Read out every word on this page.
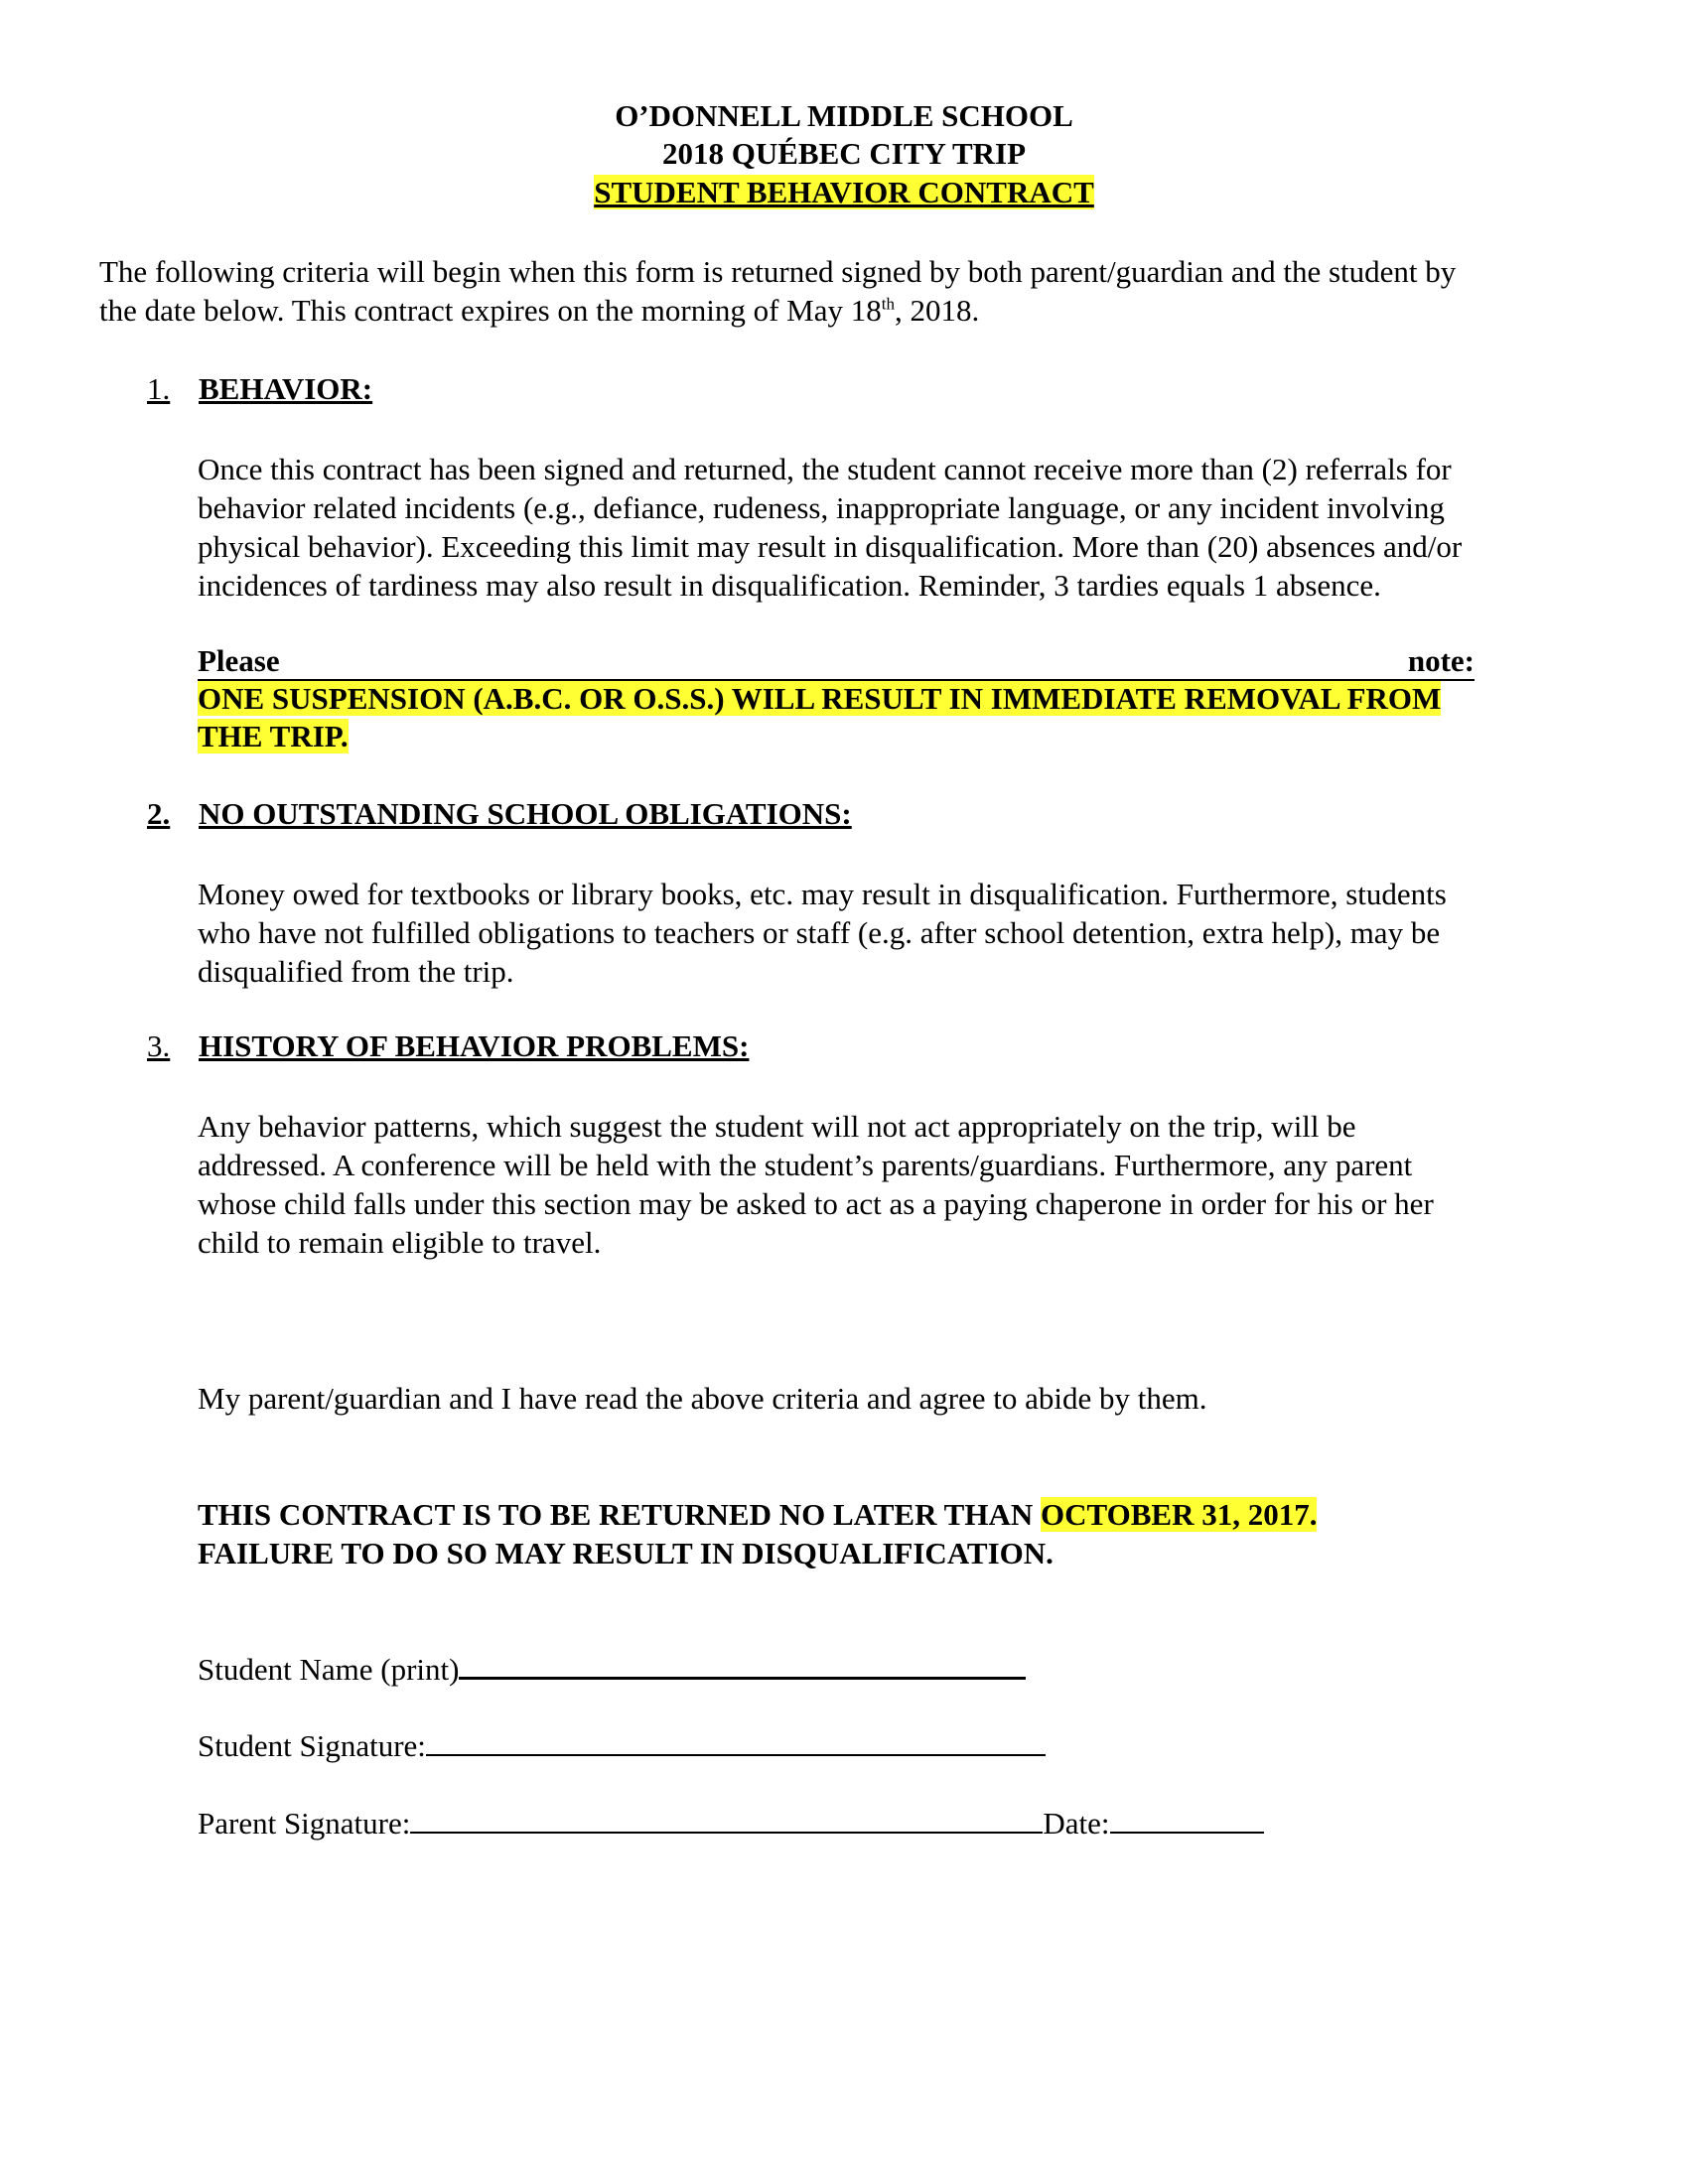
O’DONNELL MIDDLE SCHOOL
2018 QUÉBEC CITY TRIP
STUDENT BEHAVIOR CONTRACT
The following criteria will begin when this form is returned signed by both parent/guardian and the student by
the date below. This contract expires on the morning of May 18th, 2018.
1. BEHAVIOR:
Once this contract has been signed and returned, the student cannot receive more than (2) referrals for
behavior related incidents (e.g., defiance, rudeness, inappropriate language, or any incident involving
physical behavior). Exceeding this limit may result in disqualification. More than (20) absences and/or
incidences of tardiness may also result in disqualification. Reminder, 3 tardies equals 1 absence.
Please	note:
ONE SUSPENSION (A.B.C. OR O.S.S.) WILL RESULT IN IMMEDIATE REMOVAL FROM
THE TRIP.
2. NO OUTSTANDING SCHOOL OBLIGATIONS:
Money owed for textbooks or library books, etc. may result in disqualification. Furthermore, students
who have not fulfilled obligations to teachers or staff (e.g. after school detention, extra help), may be
disqualified from the trip.
3. HISTORY OF BEHAVIOR PROBLEMS:
Any behavior patterns, which suggest the student will not act appropriately on the trip, will be
addressed. A conference will be held with the student’s parents/guardians. Furthermore, any parent
whose child falls under this section may be asked to act as a paying chaperone in order for his or her
child to remain eligible to travel.
My parent/guardian and I have read the above criteria and agree to abide by them.
THIS CONTRACT IS TO BE RETURNED NO LATER THAN OCTOBER 31, 2017.
FAILURE TO DO SO MAY RESULT IN DISQUALIFICATION.
Student Name (print)
Student Signature:
Parent Signature:	Date:
